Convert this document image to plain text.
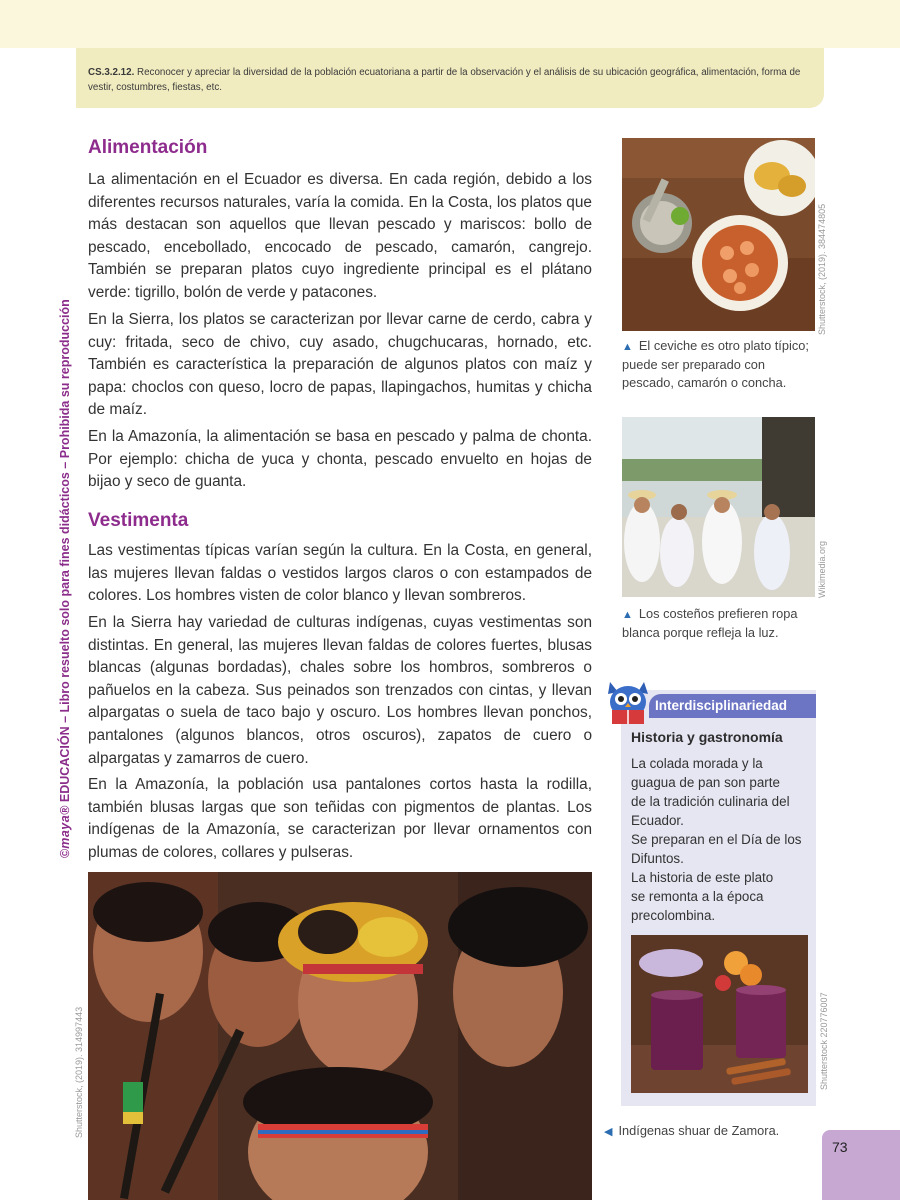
CS.3.2.12. Reconocer y apreciar la diversidad de la población ecuatoriana a partir de la observación y el análisis de su ubicación geográfica, alimentación, forma de vestir, costumbres, fiestas, etc.
©maya® EDUCACIÓN – Libro resuelto solo para fines didácticos – Prohibida su reproducción
Alimentación

La alimentación en el Ecuador es diversa. En cada región, debido a los diferentes recursos naturales, varía la comida. En la Costa, los platos que más destacan son aquellos que llevan pescado y mariscos: bollo de pescado, encebollado, encocado de pescado, camarón, cangrejo. También se preparan platos cuyo ingrediente principal es el plátano verde: tigrillo, bolón de verde y patacones.

En la Sierra, los platos se caracterizan por llevar carne de cerdo, cabra y cuy: fritada, seco de chivo, cuy asado, chugchucaras, hornado, etc. También es característica la preparación de algunos platos con maíz y papa: choclos con queso, locro de papas, llapingachos, humitas y chicha de maíz.

En la Amazonía, la alimentación se basa en pescado y palma de chonta. Por ejemplo: chicha de yuca y chonta, pescado envuelto en hojas de bijao y seco de guanta.

Vestimenta

Las vestimentas típicas varían según la cultura. En la Costa, en general, las mujeres llevan faldas o vestidos largos claros o con estampados de colores. Los hombres visten de color blanco y llevan sombreros.

En la Sierra hay variedad de culturas indígenas, cuyas vestimentas son distintas. En general, las mujeres llevan faldas de colores fuertes, blusas blancas (algunas bordadas), chales sobre los hombros, sombreros o pañuelos en la cabeza. Sus peinados son trenzados con cintas, y llevan alpargatas o suela de taco bajo y oscuro. Los hombres llevan ponchos, pantalones (algunos blancos, otros oscuros), zapatos de cuero o alpargatas y zamarros de cuero.

En la Amazonía, la población usa pantalones cortos hasta la rodilla, también blusas largas que son teñidas con pigmentos de plantas. Los indígenas de la Amazonía, se caracterizan por llevar ornamentos con plumas de colores, collares y pulseras.

Shutterstock, (2019). 384474805
▲ El ceviche es otro plato típico; puede ser preparado con pescado, camarón o concha.
Wikimedia.org
▲ Los costeños prefieren ropa blanca porque refleja la luz.
Interdisciplinariedad
Historia y gastronomía
La colada morada y la
guagua de pan son parte
de la tradición culinaria del
Ecuador.
Se preparan en el Día de los
Difuntos.
La historia de este plato
se remonta a la época
precolombina.
Shutterstock 220776007
Shutterstock, (2019). 314997443	◀ Indígenas shuar de Zamora.
73
